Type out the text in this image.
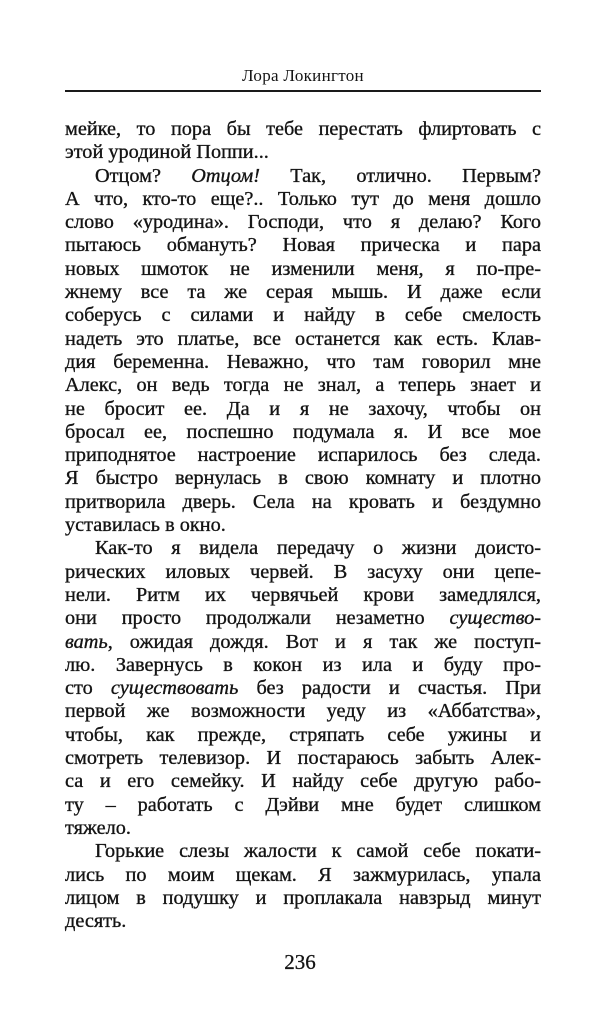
Лора Локингтон
мейке, то пора бы тебе перестать флиртовать с
этой уродиной Поппи...
Отцом? Отцом! Так, отлично. Первым?
А что, кто-то еще?.. Только тут до меня дошло
слово «уродина». Господи, что я делаю? Кого
пытаюсь обмануть? Новая прическа и пара
новых шмоток не изменили меня, я по-пре-
жнему все та же серая мышь. И даже если
соберусь с силами и найду в себе смелость
надеть это платье, все останется как есть. Клав-
дия беременна. Неважно, что там говорил мне
Алекс, он ведь тогда не знал, а теперь знает и
не бросит ее. Да и я не захочу, чтобы он
бросал ее, поспешно подумала я. И все мое
приподнятое настроение испарилось без следа.
Я быстро вернулась в свою комнату и плотно
притворила дверь. Села на кровать и бездумно
уставилась в окно.
Как-то я видела передачу о жизни доисто-
рических иловых червей. В засуху они цепе-
нели. Ритм их червячьей крови замедлялся,
они просто продолжали незаметно существо-
вать, ожидая дождя. Вот и я так же поступ-
лю. Завернусь в кокон из ила и буду про-
сто существовать без радости и счастья. При
первой же возможности уеду из «Аббатства»,
чтобы, как прежде, стряпать себе ужины и
смотреть телевизор. И постараюсь забыть Алек-
са и его семейку. И найду себе другую рабо-
ту – работать с Дэйви мне будет слишком
тяжело.
Горькие слезы жалости к самой себе покати-
лись по моим щекам. Я зажмурилась, упала
лицом в подушку и проплакала навзрыд минут
десять.
236
